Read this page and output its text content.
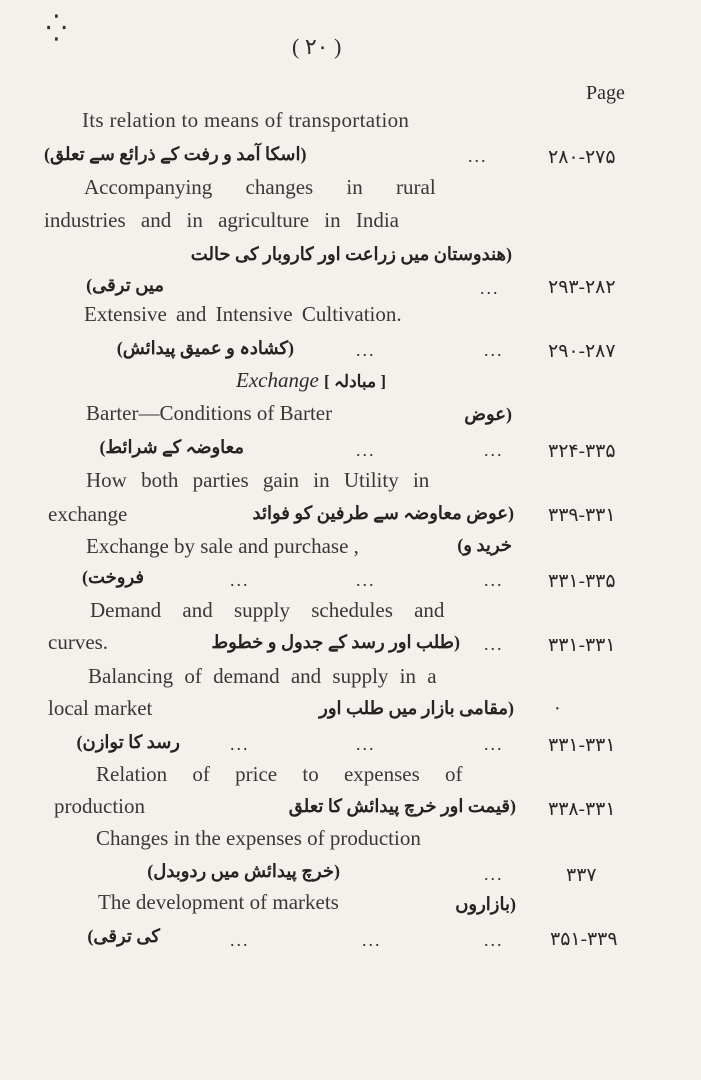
⁛
( ۲۰ )
Page
Its relation to means of transportation
(اسکا آمد و رفت کے ذرائع سے تعلق)	...	۲۸۰-۲۷۵
Accompanying changes in rural
industries and in agriculture in India
(هندوستان میں زراعت اور کاروبار کی حالت
میں ترقی)	...	۲۹۳-۲۸۲
Extensive and Intensive Cultivation.
(کشادہ و عمیق پیدائش)	...	... ۲۹۰-۲۸۷
Exchange [ مبادلہ ]
Barter—Conditions of Barter	(عوض
معاوضہ کے شرائط)	...	... ۳۲۴-۳۳۵
How both parties gain in Utility in
exchange	(عوض معاوضہ سے طرفین کو فوائد ۳۳۹-۳۳۱
Exchange by sale and purchase ,	خرید و)
فروخت)	...	...	... ۳۳۱-۳۳۵
Demand and supply schedules and
curves.	(طلب اور رسد کے جدول و خطوط ... ۳۳۱-۳۳۱
Balancing of demand and supply in a
local market	(مقامی بازار میں طلب اور ·
رسد کا توازن)	...	...	... ۳۳۱-۳۳۱
Relation of price to expenses of
production	(قیمت اور خرچ پیدائش کا تعلق ۳۳۸-۳۳۱
Changes in the expenses of production
(خرچ پیدائش میں ردوبدل)	...	۳۳۷
The development of markets	(بازاروں
کی ترقی)	...	...	... ۳۵۱-۳۳۹
